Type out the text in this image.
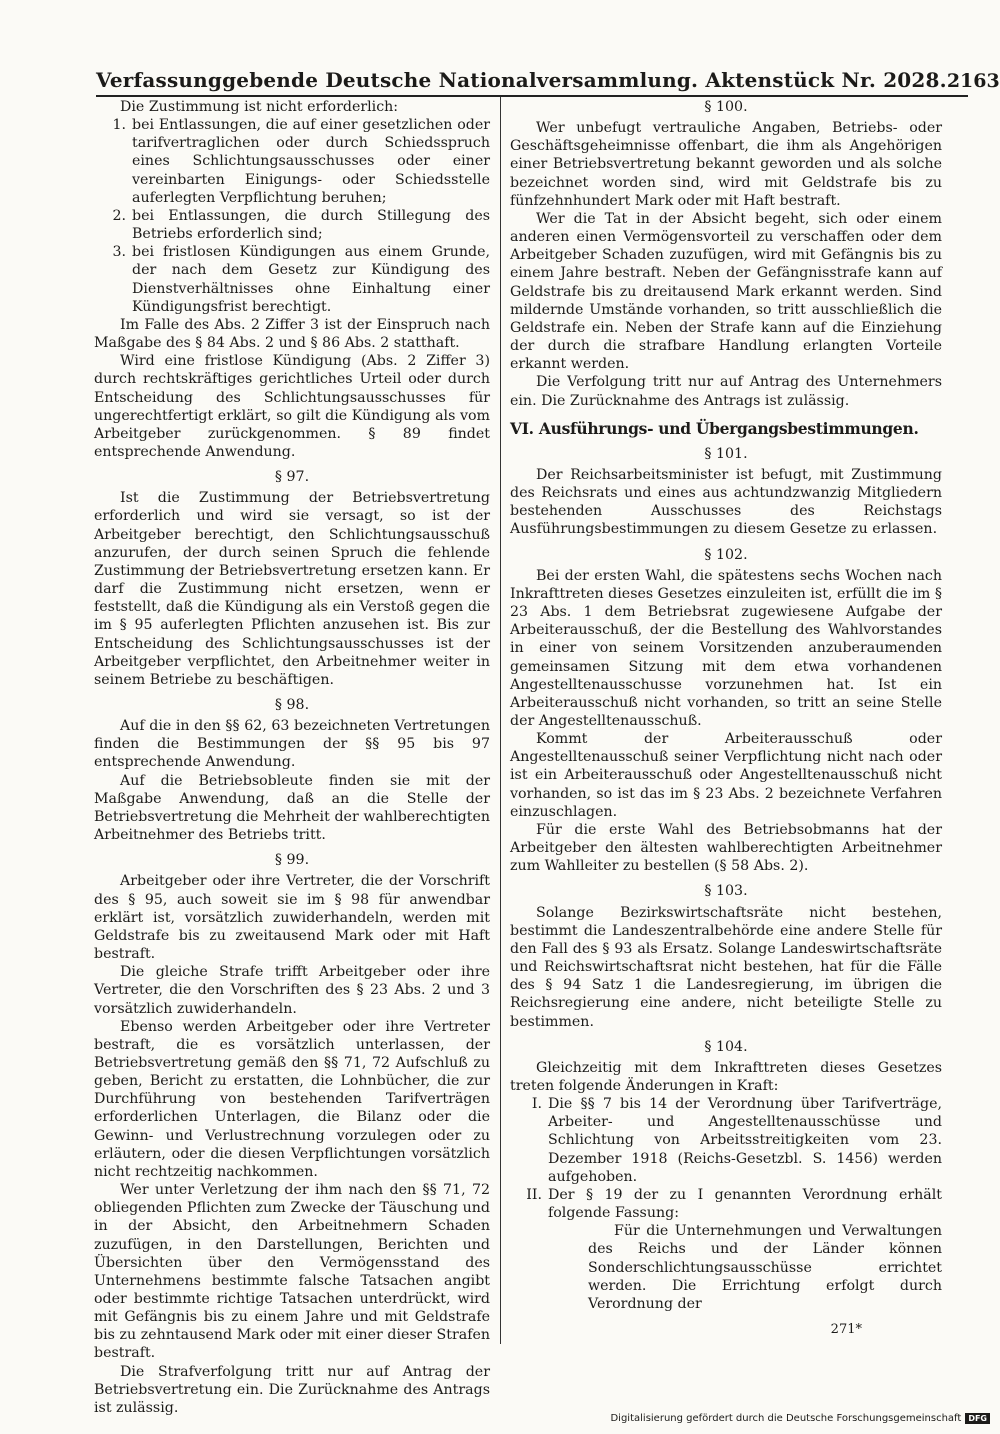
Verfassunggebende Deutsche Nationalversammlung. Aktenstück Nr. 2028. 2163

Die Zustimmung ist nicht erforderlich:

1. bei Entlassungen, die auf einer gesetzlichen oder tarifvertraglichen oder durch Schiedsspruch eines Schlichtungsausschusses oder einer vereinbarten Einigungs- oder Schiedsstelle auferlegten Verpflichtung beruhen;
2. bei Entlassungen, die durch Stillegung des Betriebs erforderlich sind;
3. bei fristlosen Kündigungen aus einem Grunde, der nach dem Gesetz zur Kündigung des Dienstverhältnisses ohne Einhaltung einer Kündigungsfrist berechtigt.

Im Falle des Abs. 2 Ziffer 3 ist der Einspruch nach Maßgabe des § 84 Abs. 2 und § 86 Abs. 2 statthaft.

Wird eine fristlose Kündigung (Abs. 2 Ziffer 3) durch rechtskräftiges gerichtliches Urteil oder durch Entscheidung des Schlichtungsausschusses für ungerechtfertigt erklärt, so gilt die Kündigung als vom Arbeitgeber zurückgenommen. § 89 findet entsprechende Anwendung.

§ 97.

Ist die Zustimmung der Betriebsvertretung erforderlich und wird sie versagt, so ist der Arbeitgeber berechtigt, den Schlichtungsausschuß anzurufen, der durch seinen Spruch die fehlende Zustimmung der Betriebsvertretung ersetzen kann. Er darf die Zustimmung nicht ersetzen, wenn er feststellt, daß die Kündigung als ein Verstoß gegen die im § 95 auferlegten Pflichten anzusehen ist. Bis zur Entscheidung des Schlichtungsausschusses ist der Arbeitgeber verpflichtet, den Arbeitnehmer weiter in seinem Betriebe zu beschäftigen.

§ 98.

Auf die in den §§ 62, 63 bezeichneten Vertretungen finden die Bestimmungen der §§ 95 bis 97 entsprechende Anwendung.

Auf die Betriebsobleute finden sie mit der Maßgabe Anwendung, daß an die Stelle der Betriebsvertretung die Mehrheit der wahlberechtigten Arbeitnehmer des Betriebs tritt.

§ 99.

Arbeitgeber oder ihre Vertreter, die der Vorschrift des § 95, auch soweit sie im § 98 für anwendbar erklärt ist, vorsätzlich zuwiderhandeln, werden mit Geldstrafe bis zu zweitausend Mark oder mit Haft bestraft.

Die gleiche Strafe trifft Arbeitgeber oder ihre Vertreter, die den Vorschriften des § 23 Abs. 2 und 3 vorsätzlich zuwiderhandeln.

Ebenso werden Arbeitgeber oder ihre Vertreter bestraft, die es vorsätzlich unterlassen, der Betriebsvertretung gemäß den §§ 71, 72 Aufschluß zu geben, Bericht zu erstatten, die Lohnbücher, die zur Durchführung von bestehenden Tarifverträgen erforderlichen Unterlagen, die Bilanz oder die Gewinn- und Verlustrechnung vorzulegen oder zu erläutern, oder die diesen Verpflichtungen vorsätzlich nicht rechtzeitig nachkommen.

Wer unter Verletzung der ihm nach den §§ 71, 72 obliegenden Pflichten zum Zwecke der Täuschung und in der Absicht, den Arbeitnehmern Schaden zuzufügen, in den Darstellungen, Berichten und Übersichten über den Vermögensstand des Unternehmens bestimmte falsche Tatsachen angibt oder bestimmte richtige Tatsachen unterdrückt, wird mit Gefängnis bis zu einem Jahre und mit Geldstrafe bis zu zehntausend Mark oder mit einer dieser Strafen bestraft.

Die Strafverfolgung tritt nur auf Antrag der Betriebsvertretung ein. Die Zurücknahme des Antrags ist zulässig.

§ 100.

Wer unbefugt vertrauliche Angaben, Betriebs- oder Geschäftsgeheimnisse offenbart, die ihm als Angehörigen einer Betriebsvertretung bekannt geworden und als solche bezeichnet worden sind, wird mit Geldstrafe bis zu fünfzehnhundert Mark oder mit Haft bestraft.

Wer die Tat in der Absicht begeht, sich oder einem anderen einen Vermögensvorteil zu verschaffen oder dem Arbeitgeber Schaden zuzufügen, wird mit Gefängnis bis zu einem Jahre bestraft. Neben der Gefängnisstrafe kann auf Geldstrafe bis zu dreitausend Mark erkannt werden. Sind mildernde Umstände vorhanden, so tritt ausschließlich die Geldstrafe ein. Neben der Strafe kann auf die Einziehung der durch die strafbare Handlung erlangten Vorteile erkannt werden.

Die Verfolgung tritt nur auf Antrag des Unternehmers ein. Die Zurücknahme des Antrags ist zulässig.

VI. Ausführungs- und Übergangsbestimmungen.
§ 101.

Der Reichsarbeitsminister ist befugt, mit Zustimmung des Reichsrats und eines aus achtundzwanzig Mitgliedern bestehenden Ausschusses des Reichstags Ausführungsbestimmungen zu diesem Gesetze zu erlassen.

§ 102.

Bei der ersten Wahl, die spätestens sechs Wochen nach Inkrafttreten dieses Gesetzes einzuleiten ist, erfüllt die im § 23 Abs. 1 dem Betriebsrat zugewiesene Aufgabe der Arbeiterausschuß, der die Bestellung des Wahlvorstandes in einer von seinem Vorsitzenden anzuberaumenden gemeinsamen Sitzung mit dem etwa vorhandenen Angestelltenausschusse vorzunehmen hat. Ist ein Arbeiterausschuß nicht vorhanden, so tritt an seine Stelle der Angestelltenausschuß.

Kommt der Arbeiterausschuß oder Angestelltenausschuß seiner Verpflichtung nicht nach oder ist ein Arbeiterausschuß oder Angestelltenausschuß nicht vorhanden, so ist das im § 23 Abs. 2 bezeichnete Verfahren einzuschlagen.

Für die erste Wahl des Betriebsobmanns hat der Arbeitgeber den ältesten wahlberechtigten Arbeitnehmer zum Wahlleiter zu bestellen (§ 58 Abs. 2).

§ 103.

Solange Bezirkswirtschaftsräte nicht bestehen, bestimmt die Landeszentralbehörde eine andere Stelle für den Fall des § 93 als Ersatz. Solange Landeswirtschaftsräte und Reichswirtschaftsrat nicht bestehen, hat für die Fälle des § 94 Satz 1 die Landesregierung, im übrigen die Reichsregierung eine andere, nicht beteiligte Stelle zu bestimmen.

§ 104.

Gleichzeitig mit dem Inkrafttreten dieses Gesetzes treten folgende Änderungen in Kraft:

I. Die §§ 7 bis 14 der Verordnung über Tarifverträge, Arbeiter- und Angestelltenausschüsse und Schlichtung von Arbeitsstreitigkeiten vom 23. Dezember 1918 (Reichs-Gesetzbl. S. 1456) werden aufgehoben.
II. Der § 19 der zu I genannten Verordnung erhält folgende Fassung:

Für die Unternehmungen und Verwaltungen des Reichs und der Länder können Sonderschlichtungsausschüsse errichtet werden. Die Errichtung erfolgt durch Verordnung der

271*
Digitalisierung gefördert durch die Deutsche Forschungsgemeinschaft DFG
